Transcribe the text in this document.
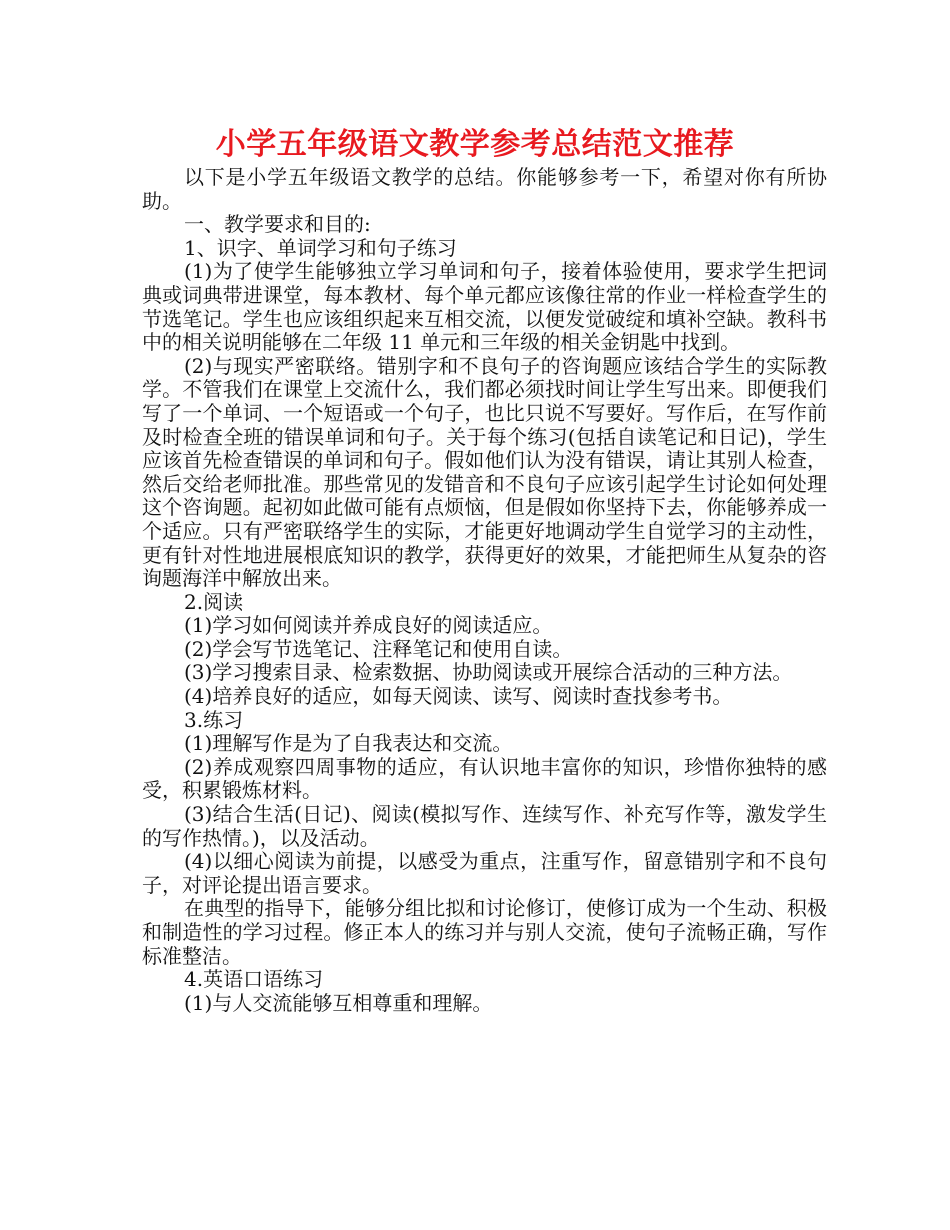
小学五年级语文教学参考总结范文推荐

以下是小学五年级语文教学的总结。你能够参考一下，希望对你有所协助。

一、教学要求和目的:

1、识字、单词学习和句子练习

(1)为了使学生能够独立学习单词和句子，接着体验使用，要求学生把词典或词典带进课堂，每本教材、每个单元都应该像往常的作业一样检查学生的节选笔记。学生也应该组织起来互相交流，以便发觉破绽和填补空缺。教科书中的相关说明能够在二年级 11 单元和三年级的相关金钥匙中找到。

(2)与现实严密联络。错别字和不良句子的咨询题应该结合学生的实际教学。不管我们在课堂上交流什么，我们都必须找时间让学生写出来。即便我们写了一个单词、一个短语或一个句子，也比只说不写要好。写作后，在写作前及时检查全班的错误单词和句子。关于每个练习(包括自读笔记和日记)，学生应该首先检查错误的单词和句子。假如他们认为没有错误，请让其别人检查，然后交给老师批准。那些常见的发错音和不良句子应该引起学生讨论如何处理这个咨询题。起初如此做可能有点烦恼，但是假如你坚持下去，你能够养成一个适应。只有严密联络学生的实际，才能更好地调动学生自觉学习的主动性，更有针对性地进展根底知识的教学，获得更好的效果，才能把师生从复杂的咨询题海洋中解放出来。

2.阅读

(1)学习如何阅读并养成良好的阅读适应。

(2)学会写节选笔记、注释笔记和使用自读。

(3)学习搜索目录、检索数据、协助阅读或开展综合活动的三种方法。

(4)培养良好的适应，如每天阅读、读写、阅读时查找参考书。

3.练习

(1)理解写作是为了自我表达和交流。

(2)养成观察四周事物的适应，有认识地丰富你的知识，珍惜你独特的感受，积累锻炼材料。

(3)结合生活(日记)、阅读(模拟写作、连续写作、补充写作等，激发学生的写作热情。)，以及活动。

(4)以细心阅读为前提，以感受为重点，注重写作，留意错别字和不良句子，对评论提出语言要求。

在典型的指导下，能够分组比拟和讨论修订，使修订成为一个生动、积极和制造性的学习过程。修正本人的练习并与别人交流，使句子流畅正确，写作标准整洁。

4.英语口语练习

(1)与人交流能够互相尊重和理解。
